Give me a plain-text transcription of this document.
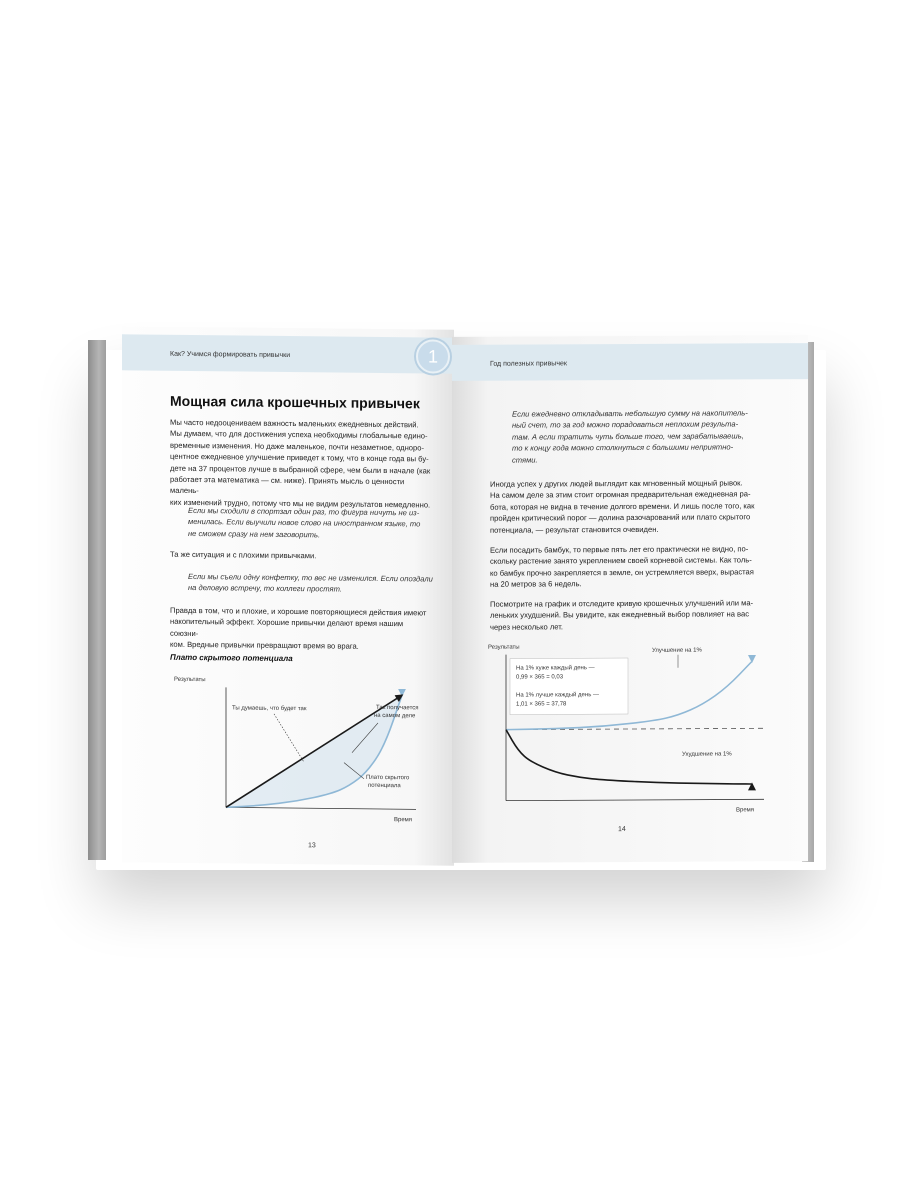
Как? Учимся формировать привычки	1
Мощная сила крошечных привычек
Мы часто недооцениваем важность маленьких ежедневных действий.
Мы думаем, что для достижения успеха необходимы глобальные едино-
временные изменения. Но даже маленькое, почти незаметное, одноро-
центное ежедневное улучшение приведет к тому, что в конце года вы бу-
дете на 37 процентов лучше в выбранной сфере, чем были в начале (как
работает эта математика — см. ниже). Принять мысль о ценности малень-
ких изменений трудно, потому что мы не видим результатов немедленно.
Если мы сходили в спортзал один раз, то фигура ничуть не из-
менилась. Если выучили новое слово на иностранном языке, то
не сможем сразу на нем заговорить.
Та же ситуация и с плохими привычками.
Если мы съели одну конфетку, то вес не изменился. Если опоздали
на деловую встречу, то коллеги простят.
Правда в том, что и плохие, и хорошие повторяющиеся действия имеют
накопительный эффект. Хорошие привычки делают время нашим союзни-
ком. Вредные привычки превращают время во врага.
Плато скрытого потенциала
Результаты
Время
Ты думаешь, что будет так	Так получается
на самом деле
Плато скрытого
потенциала
13
Год полезных привычек
Если ежедневно откладывать небольшую сумму на накопитель-
ный счет, то за год можно порадоваться неплохим результа-
там. А если тратить чуть больше того, чем зарабатываешь,
то к концу года можно столкнуться с большими неприятно-
стями.
Иногда успех у других людей выглядит как мгновенный мощный рывок.
На самом деле за этим стоит огромная предварительная ежедневная ра-
бота, которая не видна в течение долгого времени. И лишь после того, как
пройден критический порог — долина разочарований или плато скрытого
потенциала, — результат становится очевиден.
Если посадить бамбук, то первые пять лет его практически не видно, по-
скольку растение занято укреплением своей корневой системы. Как толь-
ко бамбук прочно закрепляется в земле, он устремляется вверх, вырастая
на 20 метров за 6 недель.
Посмотрите на график и отследите кривую крошечных улучшений или ма-
леньких ухудшений. Вы увидите, как ежедневный выбор повлияет на вас
через несколько лет.
Результаты
Время
На 1% хуже каждый день —
0,99 × 365 = 0,03
На 1% лучше каждый день —
1,01 × 365 = 37,78
Улучшение на 1%
Ухудшение на 1%
14
